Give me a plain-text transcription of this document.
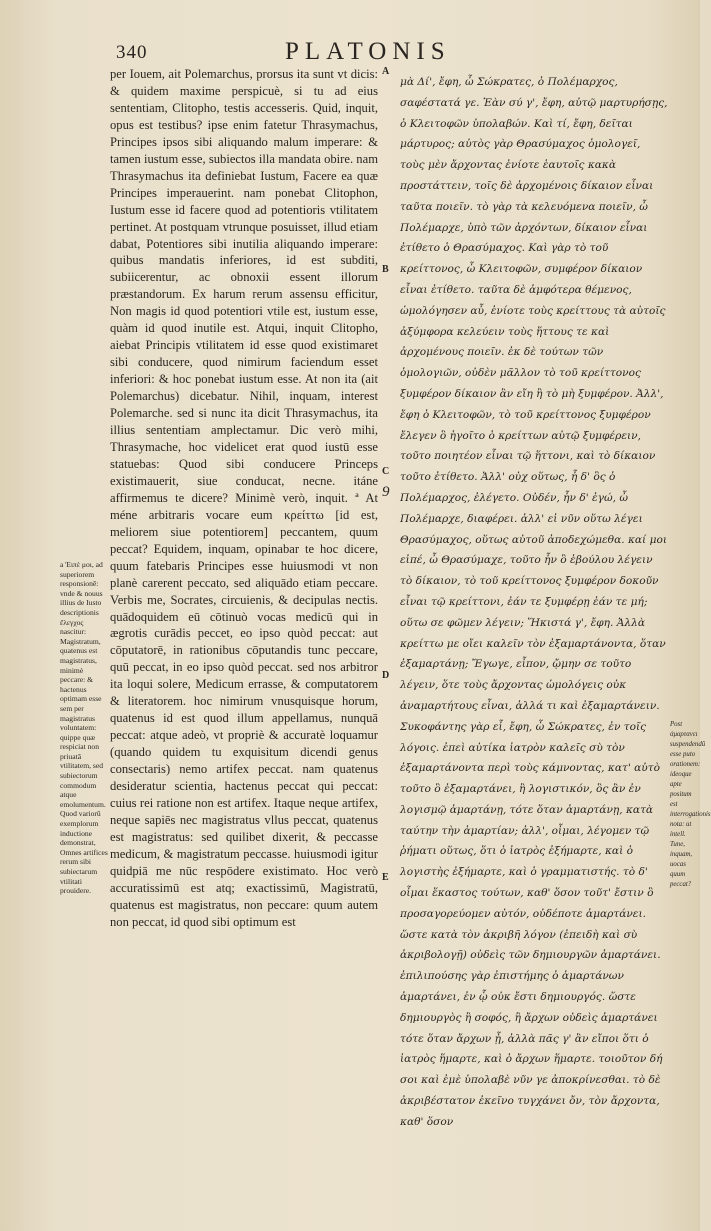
340	PLATONIS

per Iouem, ait Polemarchus, prorsus ita sunt vt dicis: & quidem maxime perspicuè, si tu ad eius sententiam, Clitopho, testis accesseris. Quid, inquit, opus est testibus? ipse enim fatetur Thrasymachus, Principes ipsos sibi aliquando malum imperare: & tamen iustum esse, subiectos illa mandata obire. nam Thrasymachus ita definiebat Iustum, Facere ea quæ Principes imperauerint. nam ponebat Clitophon, Iustum esse id facere quod ad potentioris vtilitatem pertinet. At postquam vtrunque posuisset, illud etiam dabat, Potentiores sibi inutilia aliquando imperare: quibus mandatis inferiores, id est subditi, subiicerentur, ac obnoxii essent illorum præstandorum. Ex harum rerum assensu efficitur, Non magis id quod potentiori vtile est, iustum esse, quàm id quod inutile est. Atqui, inquit Clitopho, aiebat Principis vtilitatem id esse quod existimaret sibi conducere, quod nimirum faciendum esset inferiori: & hoc ponebat iustum esse. At non ita (ait Polemarchus) dicebatur. Nihil, inquam, interest Polemarche. sed si nunc ita dicit Thrasymachus, ita illius sententiam amplectamur. Dic verò mihi, Thrasymache, hoc videlicet erat quod iustū esse statuebas: Quod sibi conducere Princeps existimauerit, siue conducat, necne. itáne affirmemus te dicere? Minimè verò, inquit. ª At méne arbitraris vocare eum κρείττω [id est, meliorem siue potentiorem] peccantem, quum peccat? Equidem, inquam, opinabar te hoc dicere, quum fatebaris Principes esse huiusmodi vt non planè carerent peccato, sed aliquādo etiam peccare. Verbis me, Socrates, circuienis, & decipulas nectis. quādoquidem eū cōtinuò vocas medicū qui in ægrotis curādis peccet, eo ipso quòd peccat: aut cōputatorē, in rationibus cōputandis tunc peccare, quū peccat, in eo ipso quòd peccat. sed nos arbitror ita loqui solere, Medicum errasse, & computatorem & literatorem. hoc nimirum vnusquisque horum, quatenus id est quod illum appellamus, nunquā peccat: atque adeò, vt propriè & accuratè loquamur (quando quidem tu exquisitum dicendi genus consectaris) nemo artifex peccat. nam quatenus desideratur scientia, hactenus peccat qui peccat: cuius rei ratione non est artifex. Itaque neque artifex, neque sapiēs nec magistratus vllus peccat, quatenus est magistratus: sed quilibet dixerit, & peccasse medicum, & magistratum peccasse. huiusmodi igitur quidpiā me nūc respōdere existimato. Hoc verò accuratissimū est atq; exactissimū, Magistratū, quatenus est magistratus, non peccare: quum autem non peccat, id quod sibi optimum est

A
B
C
D
E
9

μὰ Δί', ἔφη, ὦ Σώκρατες, ὁ Πολέμαρχος, σαφέστατά γε. Ἐὰν σύ γ', ἔφη, αὐτῷ μαρτυρήσῃς, ὁ Κλειτοφῶν ὑπολαβών. Καὶ τί, ἔφη, δεῖται μάρτυρος; αὐτὸς γὰρ Θρασύμαχος ὁμολογεῖ, τοὺς μὲν ἄρχοντας ἐνίοτε ἑαυτοῖς κακὰ προστάττειν, τοῖς δὲ ἀρχομένοις δίκαιον εἶναι ταῦτα ποιεῖν. τὸ γὰρ τὰ κελευόμενα ποιεῖν, ὦ Πολέμαρχε, ὑπὸ τῶν ἀρχόντων, δίκαιον εἶναι ἐτίθετο ὁ Θρασύμαχος. Καὶ γὰρ τὸ τοῦ κρείττονος, ὦ Κλειτοφῶν, συμφέρον δίκαιον εἶναι ἐτίθετο. ταῦτα δὲ ἀμφότερα θέμενος, ὡμολόγησεν αὖ, ἐνίοτε τοὺς κρείττους τὰ αὑτοῖς ἀξύμφορα κελεύειν τοὺς ἥττους τε καὶ ἀρχομένους ποιεῖν. ἐκ δὲ τούτων τῶν ὁμολογιῶν, οὐδὲν μᾶλλον τὸ τοῦ κρείττονος ξυμφέρον δίκαιον ἂν εἴη ἢ τὸ μὴ ξυμφέρον. Ἀλλ', ἔφη ὁ Κλειτοφῶν, τὸ τοῦ κρείττονος ξυμφέρον ἔλεγεν ὃ ἡγοῖτο ὁ κρείττων αὑτῷ ξυμφέρειν, τοῦτο ποιητέον εἶναι τῷ ἥττονι, καὶ τὸ δίκαιον τοῦτο ἐτίθετο. Ἀλλ' οὐχ οὕτως, ἦ δ' ὃς ὁ Πολέμαρχος, ἐλέγετο. Οὐδέν, ἦν δ' ἐγώ, ὦ Πολέμαρχε, διαφέρει. ἀλλ' εἰ νῦν οὕτω λέγει Θρασύμαχος, οὕτως αὐτοῦ ἀποδεχώμεθα. καί μοι εἰπέ, ὦ Θρασύμαχε, τοῦτο ἦν ὃ ἐβούλου λέγειν τὸ δίκαιον, τὸ τοῦ κρείττονος ξυμφέρον δοκοῦν εἶναι τῷ κρείττονι, ἐάν τε ξυμφέρῃ ἐάν τε μή; οὕτω σε φῶμεν λέγειν; Ἥκιστά γ', ἔφη. Ἀλλὰ κρείττω με οἴει καλεῖν τὸν ἐξαμαρτάνοντα, ὅταν ἐξαμαρτάνῃ; Ἔγωγε, εἶπον, ᾤμην σε τοῦτο λέγειν, ὅτε τοὺς ἄρχοντας ὡμολόγεις οὐκ ἀναμαρτήτους εἶναι, ἀλλά τι καὶ ἐξαμαρτάνειν. Συκοφάντης γὰρ εἶ, ἔφη, ὦ Σώκρατες, ἐν τοῖς λόγοις. ἐπεὶ αὐτίκα ἰατρὸν καλεῖς σὺ τὸν ἐξαμαρτάνοντα περὶ τοὺς κάμνοντας, κατ' αὐτὸ τοῦτο ὃ ἐξαμαρτάνει, ἢ λογιστικόν, ὃς ἂν ἐν λογισμῷ ἁμαρτάνῃ, τότε ὅταν ἁμαρτάνῃ, κατὰ ταύτην τὴν ἁμαρτίαν; ἀλλ', οἶμαι, λέγομεν τῷ ῥήματι οὕτως, ὅτι ὁ ἰατρὸς ἐξήμαρτε, καὶ ὁ λογιστὴς ἐξήμαρτε, καὶ ὁ γραμματιστής. τὸ δ' οἶμαι ἕκαστος τούτων, καθ' ὅσον τοῦτ' ἔστιν ὃ προσαγορεύομεν αὐτόν, οὐδέποτε ἁμαρτάνει. ὥστε κατὰ τὸν ἀκριβῆ λόγον (ἐπειδὴ καὶ σὺ ἀκριβολογῇ) οὐδεὶς τῶν δημιουργῶν ἁμαρτάνει. ἐπιλιπούσης γὰρ ἐπιστήμης ὁ ἁμαρτάνων ἁμαρτάνει, ἐν ᾧ οὐκ ἔστι δημιουργός. ὥστε δημιουργὸς ἢ σοφός, ἢ ἄρχων οὐδεὶς ἁμαρτάνει τότε ὅταν ἄρχων ᾖ, ἀλλὰ πᾶς γ' ἂν εἴποι ὅτι ὁ ἰατρὸς ἥμαρτε, καὶ ὁ ἄρχων ἥμαρτε. τοιοῦτον δή σοι καὶ ἐμὲ ὑπολαβὲ νῦν γε ἀποκρίνεσθαι. τὸ δὲ ἀκριβέστατον ἐκεῖνο τυγχάνει ὄν, τὸν ἄρχοντα, καθ' ὅσον

a Ἐιπὲ μοι, ad superiorem responsionē: vnde & nouus illius de Iusto descriptionis ἔλεγχος nascitur: Magistratum, quatenus est magistratus, minimè peccare: & hactenus optimam esse sem per magistratus voluntatem: quippe quæ respiciat non priuatā vtilitatem, sed subiectorum commodum atque emolumentum. Quod variorū exemplorum inductione demonstrat, Omnes artifices rerum sibi subiectarum vtilitati prouidere.

Post ἁμαρτανει suspendendū esse puto orationem: ideoque apte positum est interrogationis nota: ut intell. Tune, inquam, uocas quum peccat?
